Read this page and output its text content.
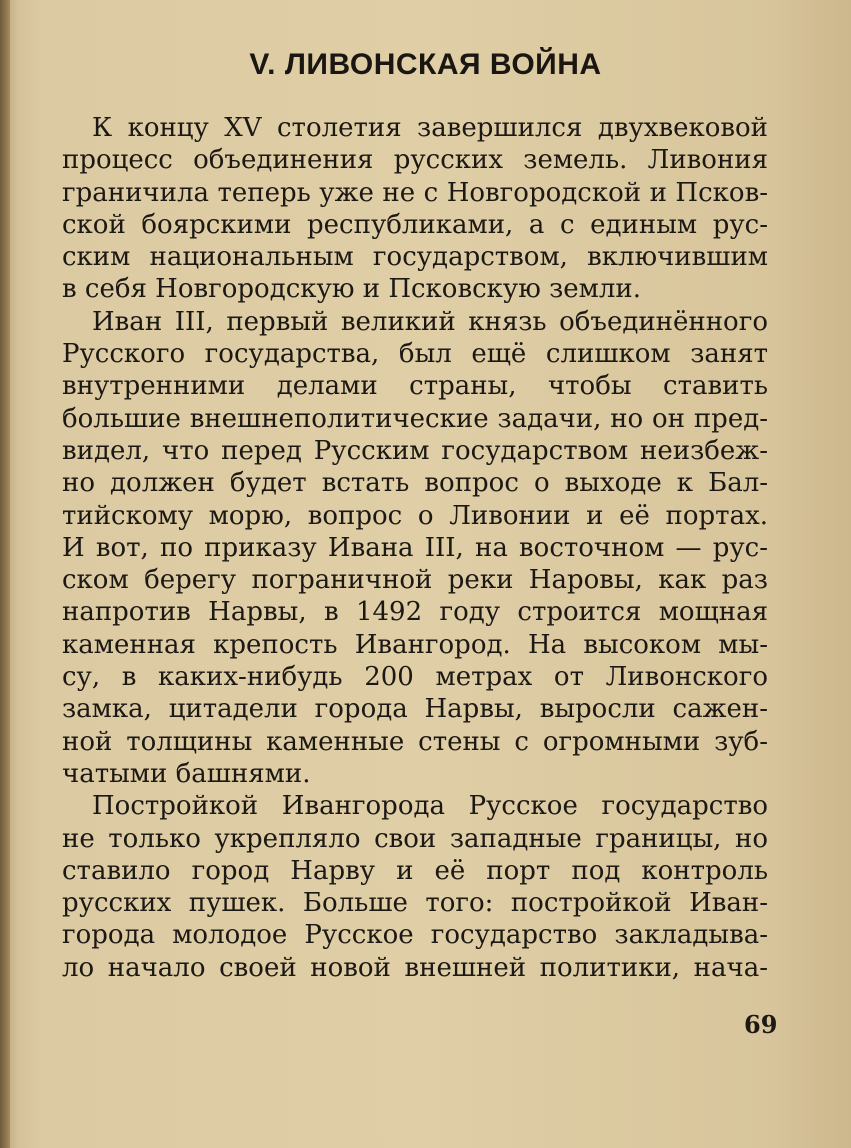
V. ЛИВОНСКАЯ ВОЙНА
К концу XV столетия завершился двухвековой
процесс объединения русских земель. Ливония
граничила теперь уже не с Новгородской и Псков-
ской боярскими республиками, а с единым рус-
ским национальным государством, включившим
в себя Новгородскую и Псковскую земли.
Иван III, первый великий князь объединённого
Русского государства, был ещё слишком занят
внутренними делами страны, чтобы ставить
большие внешнеполитические задачи, но он пред-
видел, что перед Русским государством неизбеж-
но должен будет встать вопрос о выходе к Бал-
тийскому морю, вопрос о Ливонии и её портах.
И вот, по приказу Ивана III, на восточном — рус-
ском берегу пограничной реки Наровы, как раз
напротив Нарвы, в 1492 году строится мощная
каменная крепость Ивангород. На высоком мы-
су, в каких-нибудь 200 метрах от Ливонского
замка, цитадели города Нарвы, выросли сажен-
ной толщины каменные стены с огромными зуб-
чатыми башнями.
Постройкой Ивангорода Русское государство
не только укрепляло свои западные границы, но
ставило город Нарву и её порт под контроль
русских пушек. Больше того: постройкой Иван-
города молодое Русское государство закладыва-
ло начало своей новой внешней политики, нача-
69
